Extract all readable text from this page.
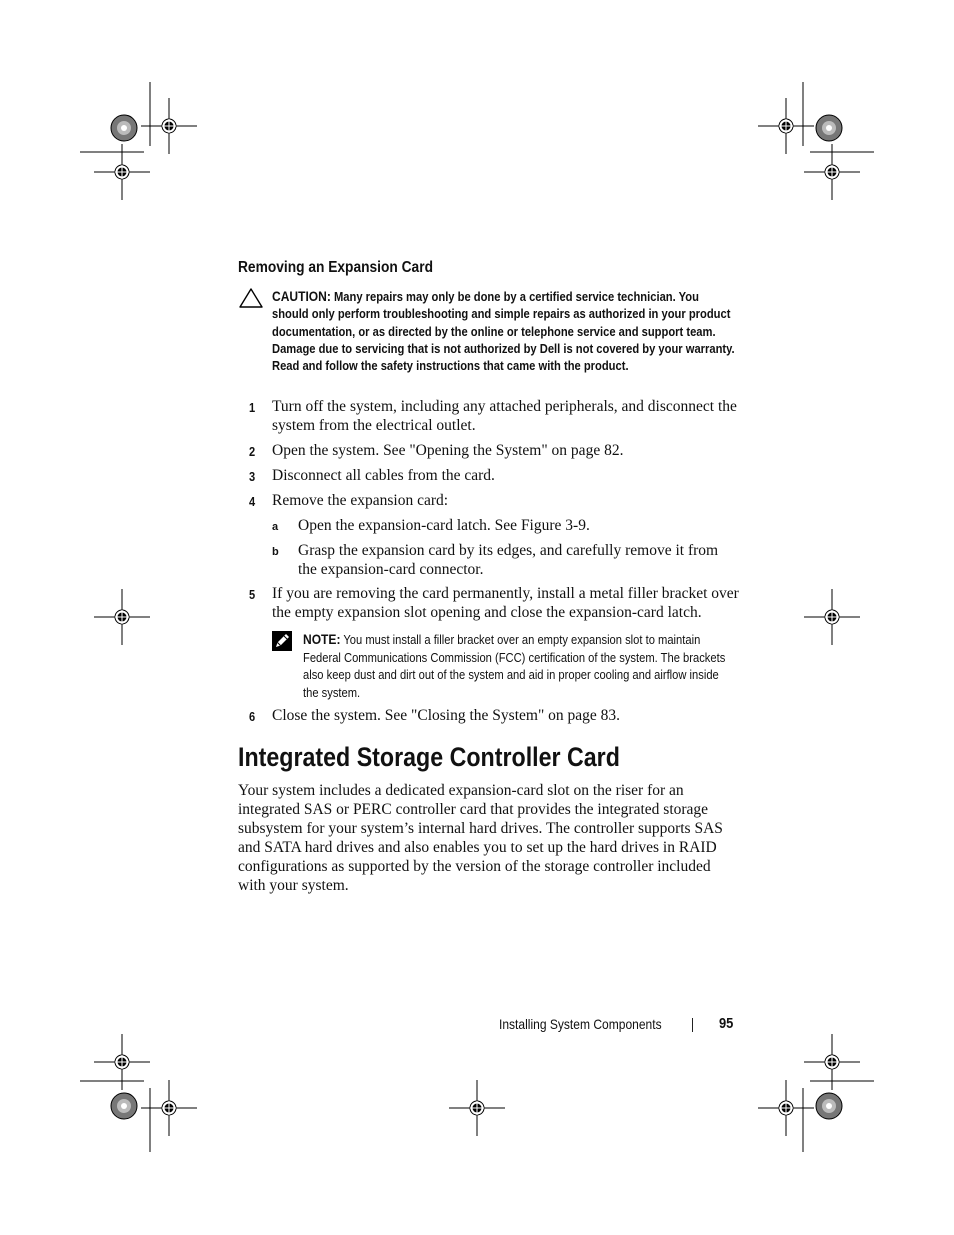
Removing an Expansion Card
CAUTION: Many repairs may only be done by a certified service technician. You should only perform troubleshooting and simple repairs as authorized in your product documentation, or as directed by the online or telephone service and support team. Damage due to servicing that is not authorized by Dell is not covered by your warranty. Read and follow the safety instructions that came with the product.
1 Turn off the system, including any attached peripherals, and disconnect the system from the electrical outlet.
2 Open the system. See "Opening the System" on page 82.
3 Disconnect all cables from the card.
4 Remove the expansion card:
a Open the expansion-card latch. See Figure 3-9.
b Grasp the expansion card by its edges, and carefully remove it from the expansion-card connector.
5 If you are removing the card permanently, install a metal filler bracket over the empty expansion slot opening and close the expansion-card latch.
NOTE: You must install a filler bracket over an empty expansion slot to maintain Federal Communications Commission (FCC) certification of the system. The brackets also keep dust and dirt out of the system and aid in proper cooling and airflow inside the system.
6 Close the system. See "Closing the System" on page 83.
Integrated Storage Controller Card
Your system includes a dedicated expansion-card slot on the riser for an integrated SAS or PERC controller card that provides the integrated storage subsystem for your system’s internal hard drives. The controller supports SAS and SATA hard drives and also enables you to set up the hard drives in RAID configurations as supported by the version of the storage controller included with your system.
Installing System Components	95
